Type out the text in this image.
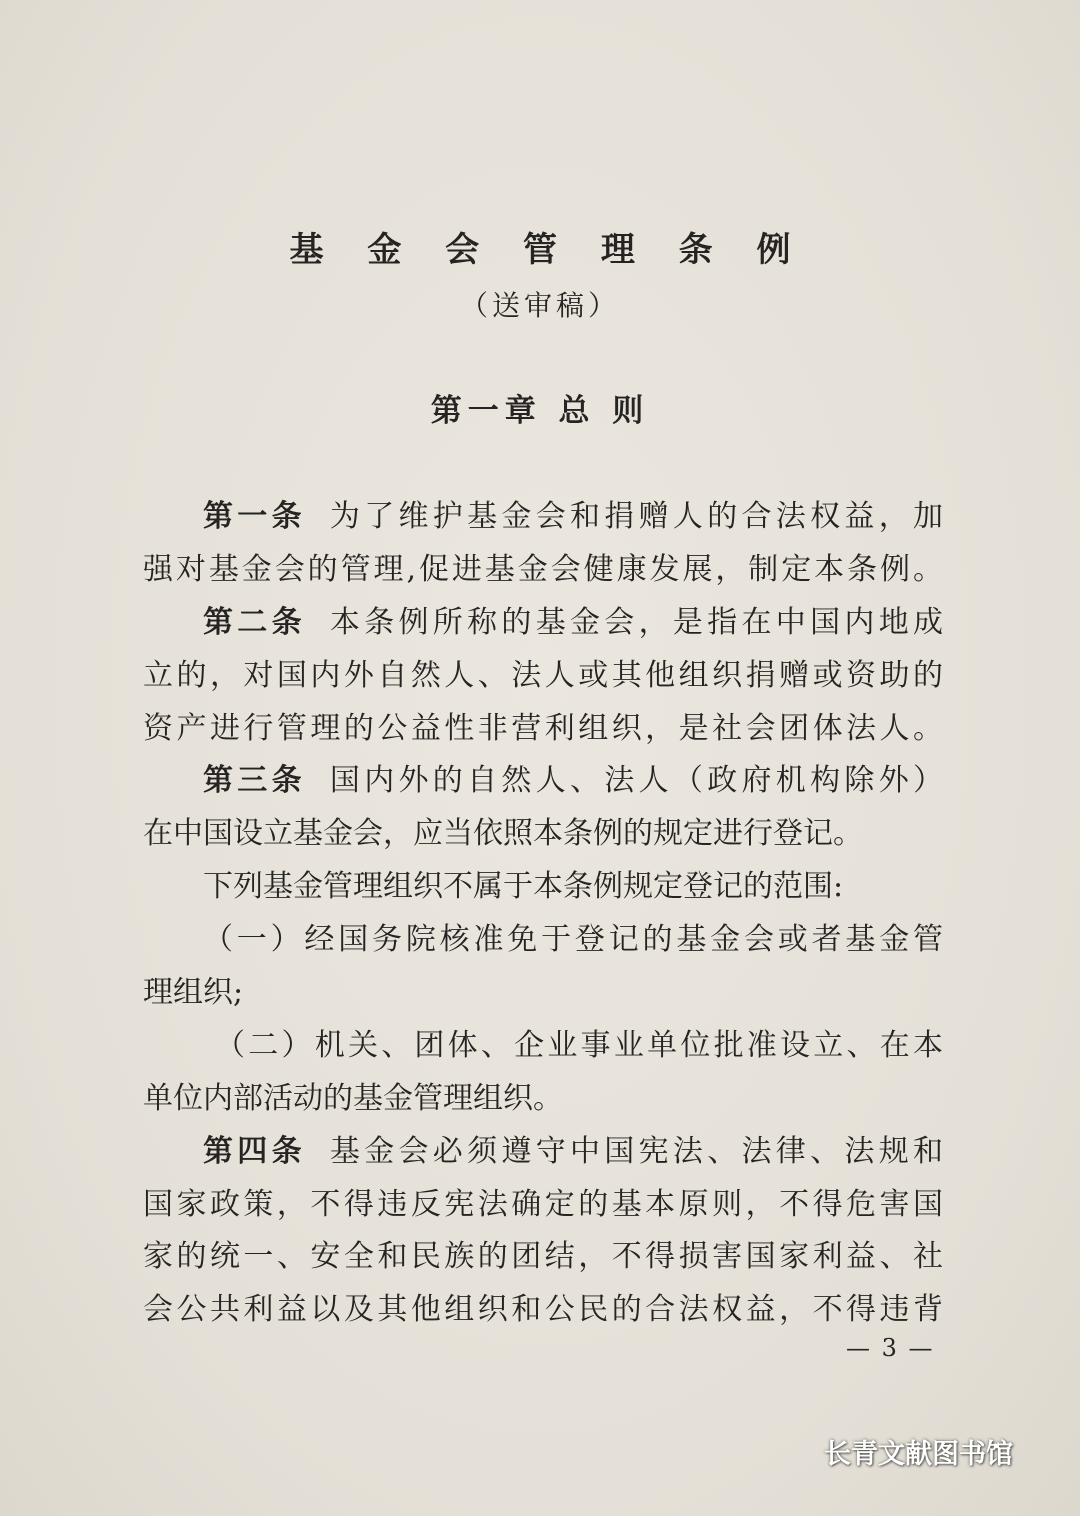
基 金 会 管 理 条 例
（送审稿）
第一章 总 则
第一条 为了维护基金会和捐赠人的合法权益，加
强对基金会的管理,促进基金会健康发展，制定本条例。
第二条 本条例所称的基金会，是指在中国内地成
立的，对国内外自然人、法人或其他组织捐赠或资助的
资产进行管理的公益性非营利组织，是社会团体法人。
第三条 国内外的自然人、法人（政府机构除外）
在中国设立基金会，应当依照本条例的规定进行登记。
下列基金管理组织不属于本条例规定登记的范围:
（一）经国务院核准免于登记的基金会或者基金管
理组织;
（二）机关、团体、企业事业单位批准设立、在本
单位内部活动的基金管理组织。
第四条 基金会必须遵守中国宪法、法律、法规和
国家政策，不得违反宪法确定的基本原则，不得危害国
家的统一、安全和民族的团结，不得损害国家利益、社
会公共利益以及其他组织和公民的合法权益，不得违背
— 3 —
长青文献图书馆
